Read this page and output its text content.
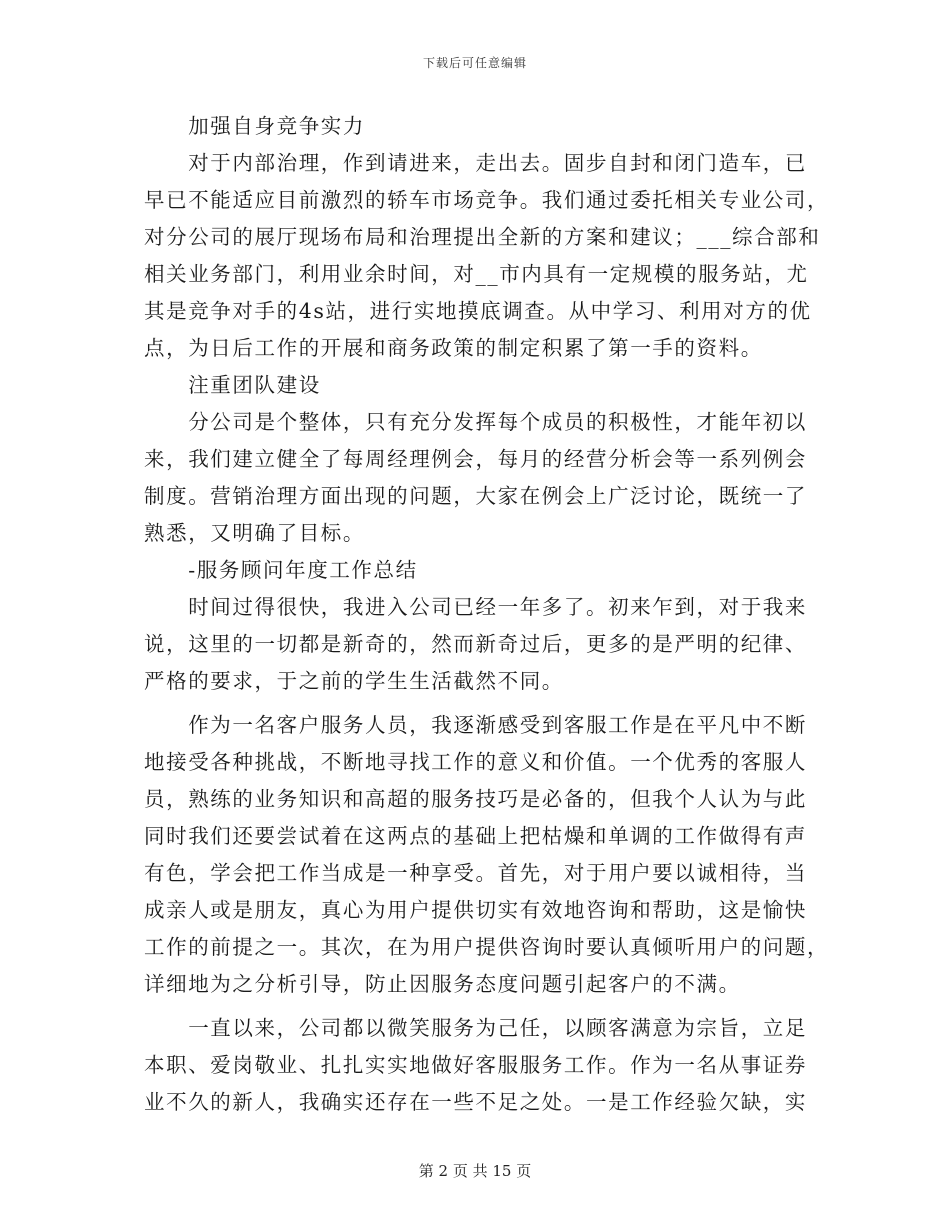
下载后可任意编辑
　　加强自身竞争实力
　　对于内部治理，作到请进来，走出去。固步自封和闭门造车，已
早已不能适应目前激烈的轿车市场竞争。我们通过委托相关专业公司，
对分公司的展厅现场布局和治理提出全新的方案和建议；___综合部和
相关业务部门，利用业余时间，对__市内具有一定规模的服务站，尤
其是竞争对手的4s站，进行实地摸底调查。从中学习、利用对方的优
点，为日后工作的开展和商务政策的制定积累了第一手的资料。
　　注重团队建设
　　分公司是个整体，只有充分发挥每个成员的积极性，才能年初以
来，我们建立健全了每周经理例会，每月的经营分析会等一系列例会
制度。营销治理方面出现的问题，大家在例会上广泛讨论，既统一了
熟悉，又明确了目标。
　　-服务顾问年度工作总结
　　时间过得很快，我进入公司已经一年多了。初来乍到，对于我来
说，这里的一切都是新奇的，然而新奇过后，更多的是严明的纪律、
严格的要求，于之前的学生生活截然不同。
　　作为一名客户服务人员，我逐渐感受到客服工作是在平凡中不断
地接受各种挑战，不断地寻找工作的意义和价值。一个优秀的客服人
员，熟练的业务知识和高超的服务技巧是必备的，但我个人认为与此
同时我们还要尝试着在这两点的基础上把枯燥和单调的工作做得有声
有色，学会把工作当成是一种享受。首先，对于用户要以诚相待，当
成亲人或是朋友，真心为用户提供切实有效地咨询和帮助，这是愉快
工作的前提之一。其次，在为用户提供咨询时要认真倾听用户的问题，
详细地为之分析引导，防止因服务态度问题引起客户的不满。
　　一直以来，公司都以微笑服务为己任，以顾客满意为宗旨，立足
本职、爱岗敬业、扎扎实实地做好客服服务工作。作为一名从事证券
业不久的新人，我确实还存在一些不足之处。一是工作经验欠缺，实
第 2 页 共 15 页
